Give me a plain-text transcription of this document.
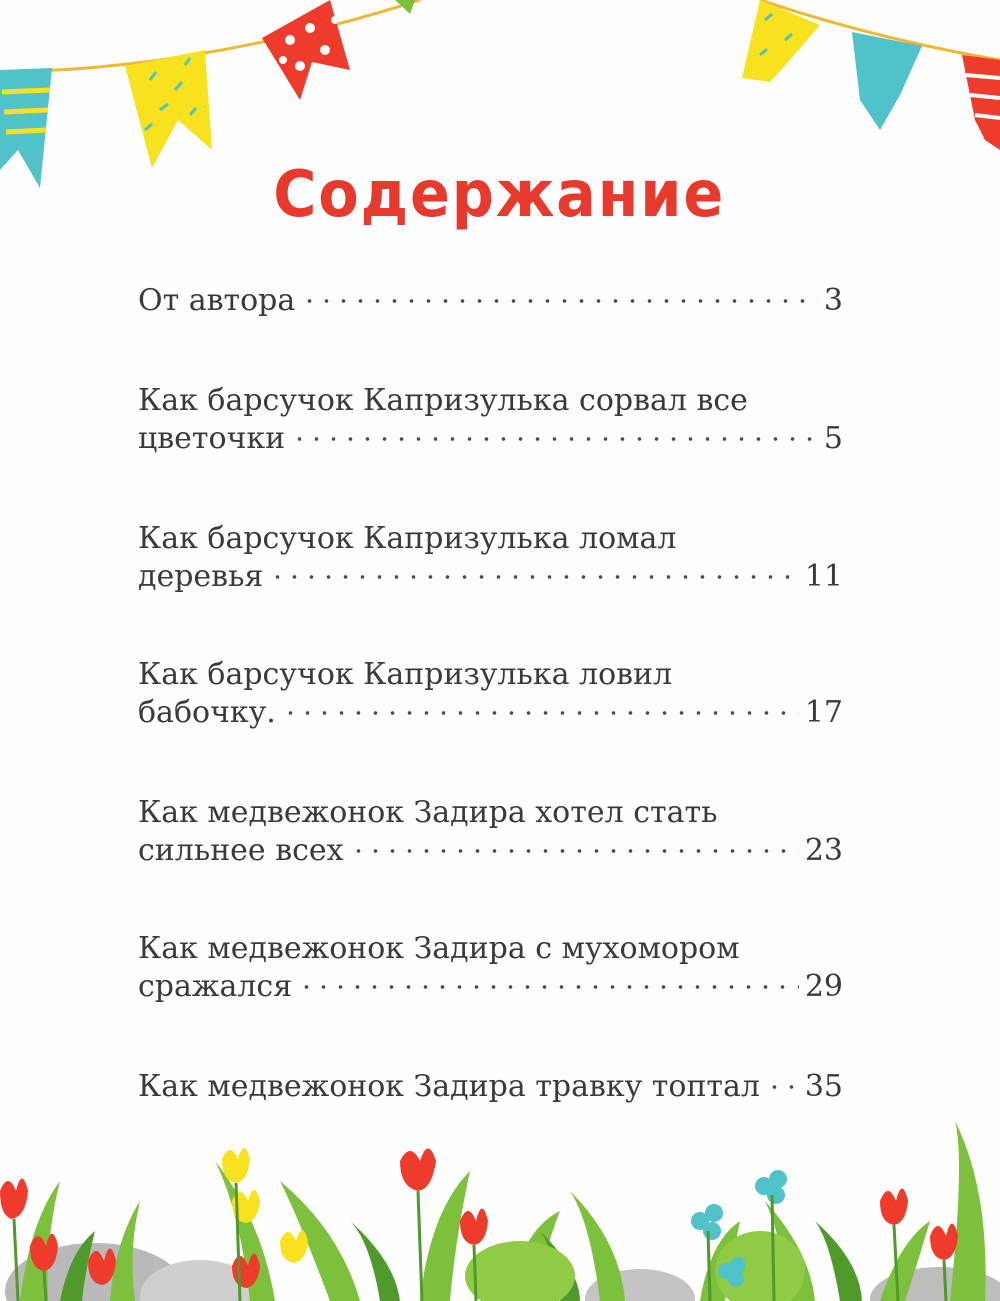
Содержание
От автора	3
Как барсучок Капризулька сорвал все
цветочки	5
Как барсучок Капризулька ломал
деревья	11
Как барсучок Капризулька ловил
бабочку.	17
Как медвежонок Задира хотел стать
сильнее всех	23
Как медвежонок Задира с мухомором
сражался	29
Как медвежонок Задира травку топтал 35
